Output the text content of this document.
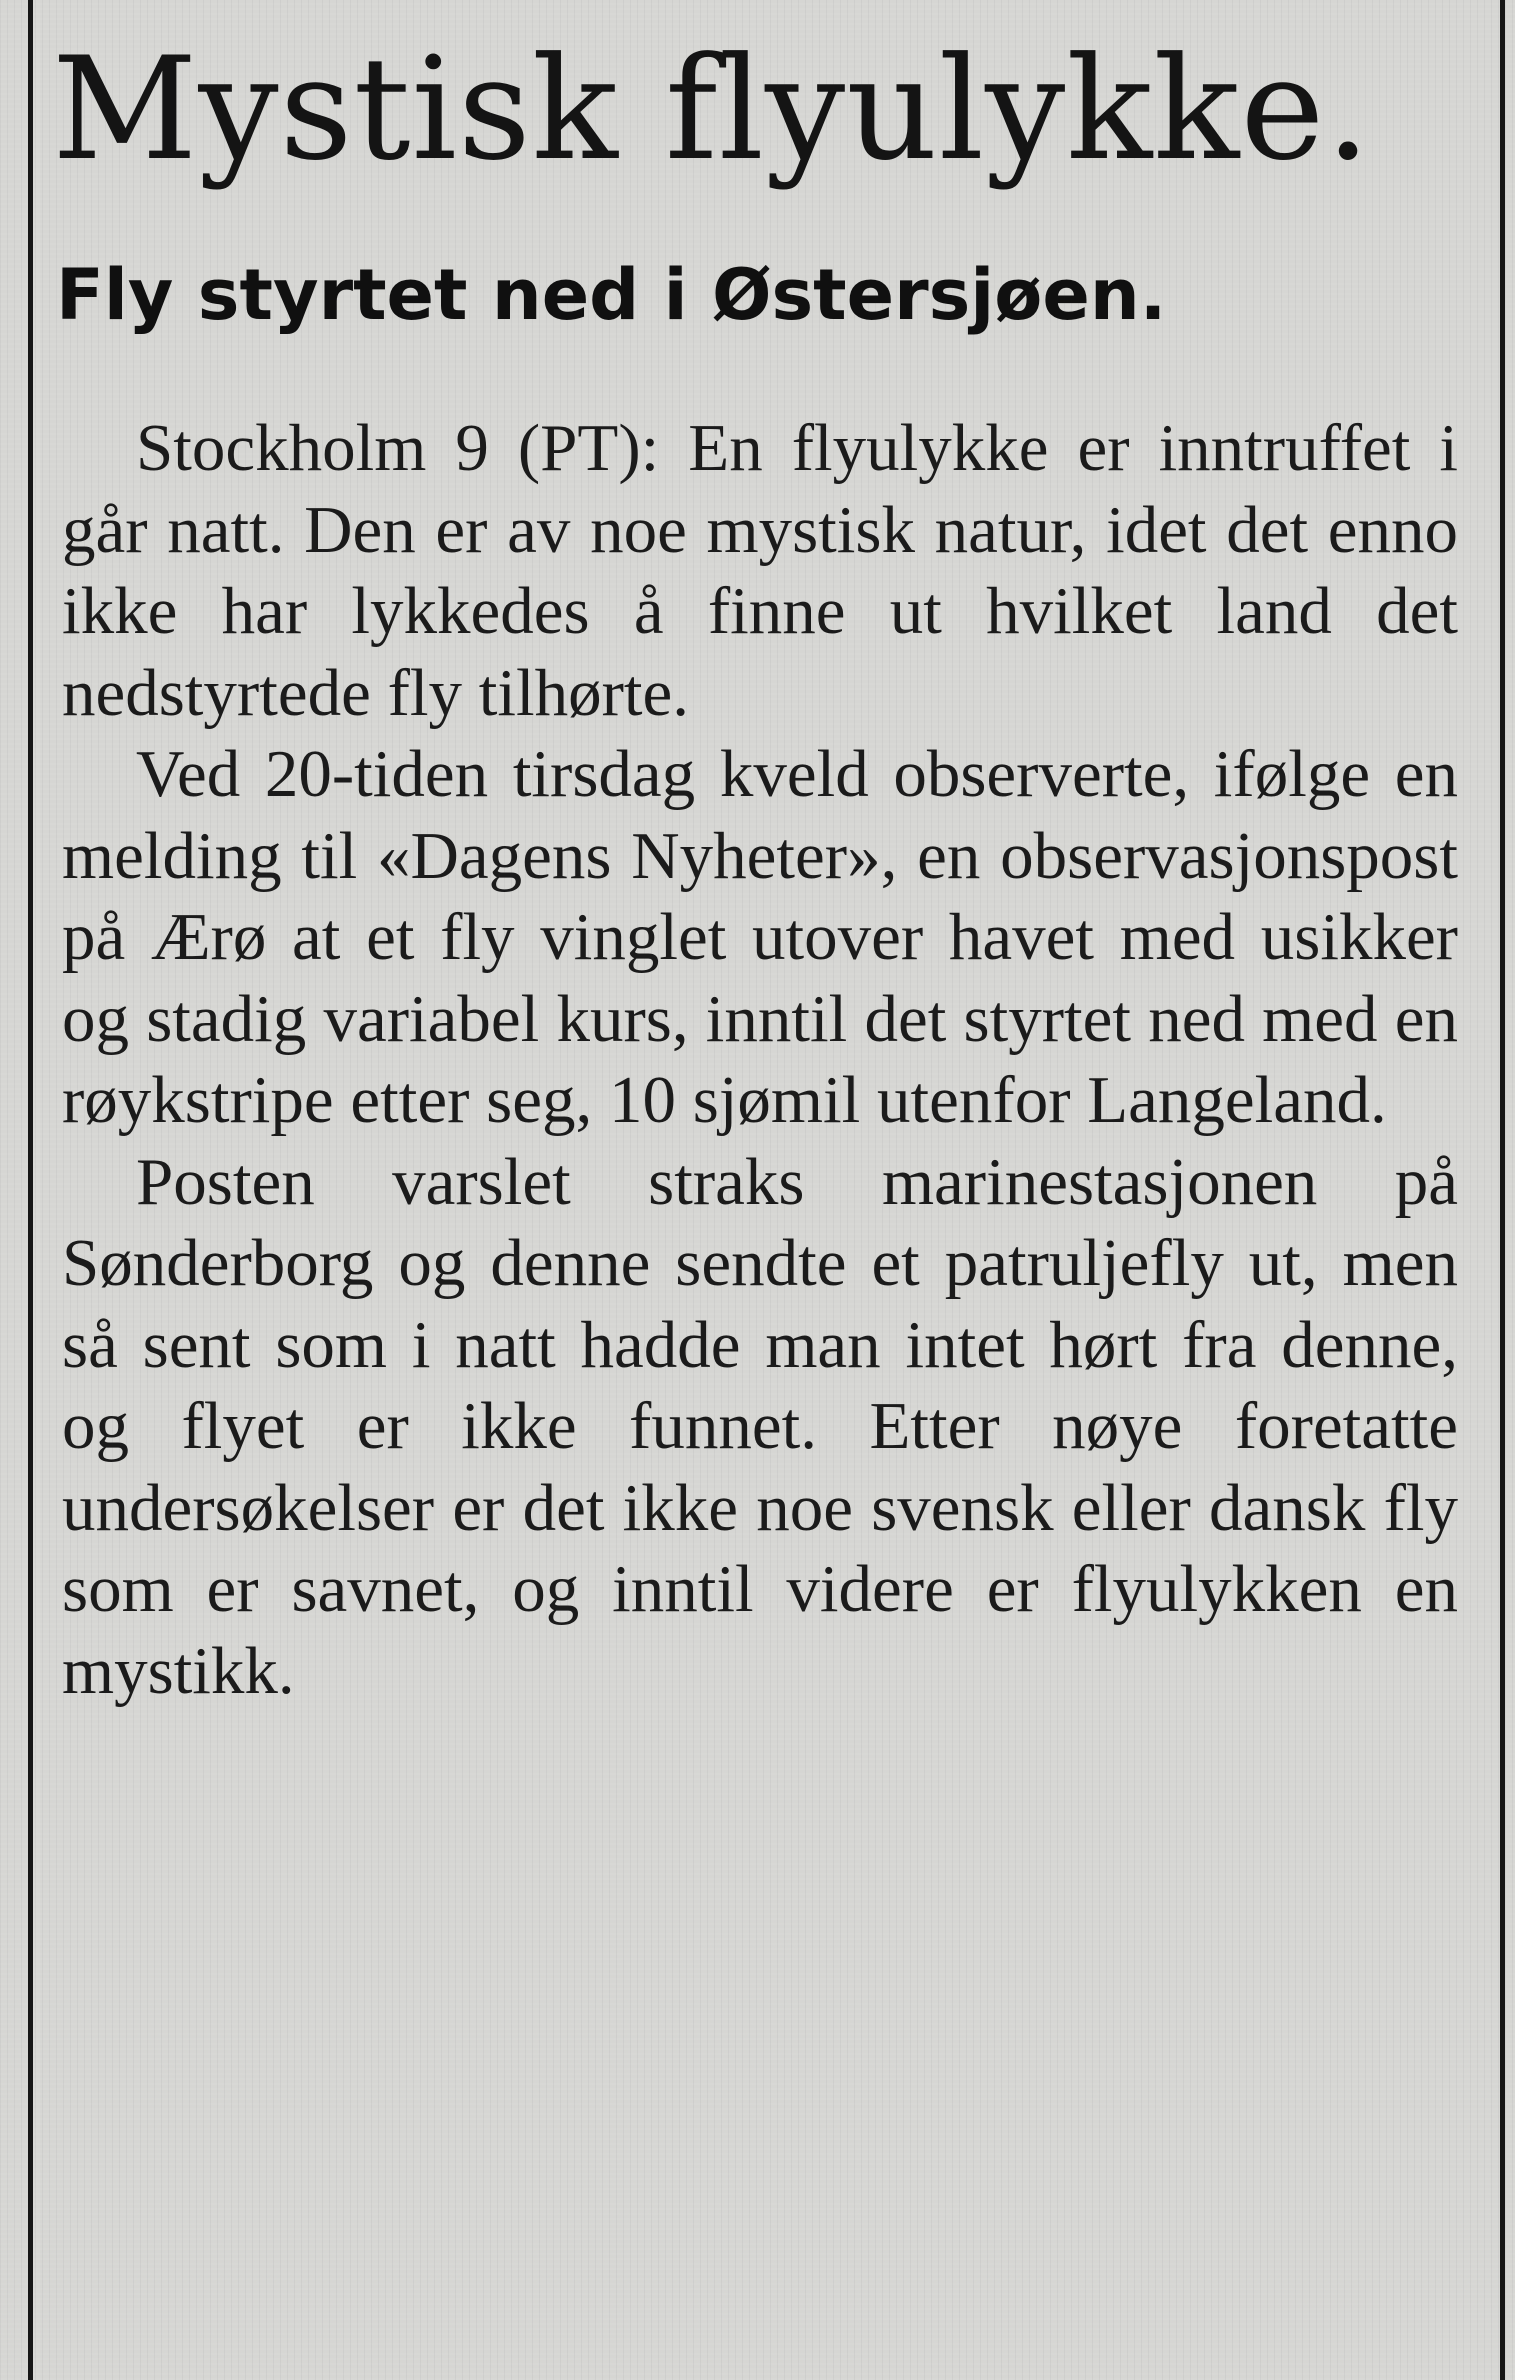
Mystisk flyulykke.
Fly styrtet ned i Østersjøen.

Stockholm 9 (PT): En flyulykke er inntruffet i går natt. Den er av noe mystisk natur, idet det enno ikke har lykkedes å finne ut hvilket land det nedstyrtede fly tilhørte.

Ved 20-tiden tirsdag kveld observerte, ifølge en melding til «Dagens Nyheter», en observasjonspost på Ærø at et fly vinglet utover havet med usikker og stadig variabel kurs, inntil det styrtet ned med en røykstripe etter seg, 10 sjømil utenfor Langeland.

Posten varslet straks marinestasjonen på Sønderborg og denne sendte et patruljefly ut, men så sent som i natt hadde man intet hørt fra denne, og flyet er ikke funnet. Etter nøye foretatte undersøkelser er det ikke noe svensk eller dansk fly som er savnet, og inntil videre er flyulykken en mystikk.
